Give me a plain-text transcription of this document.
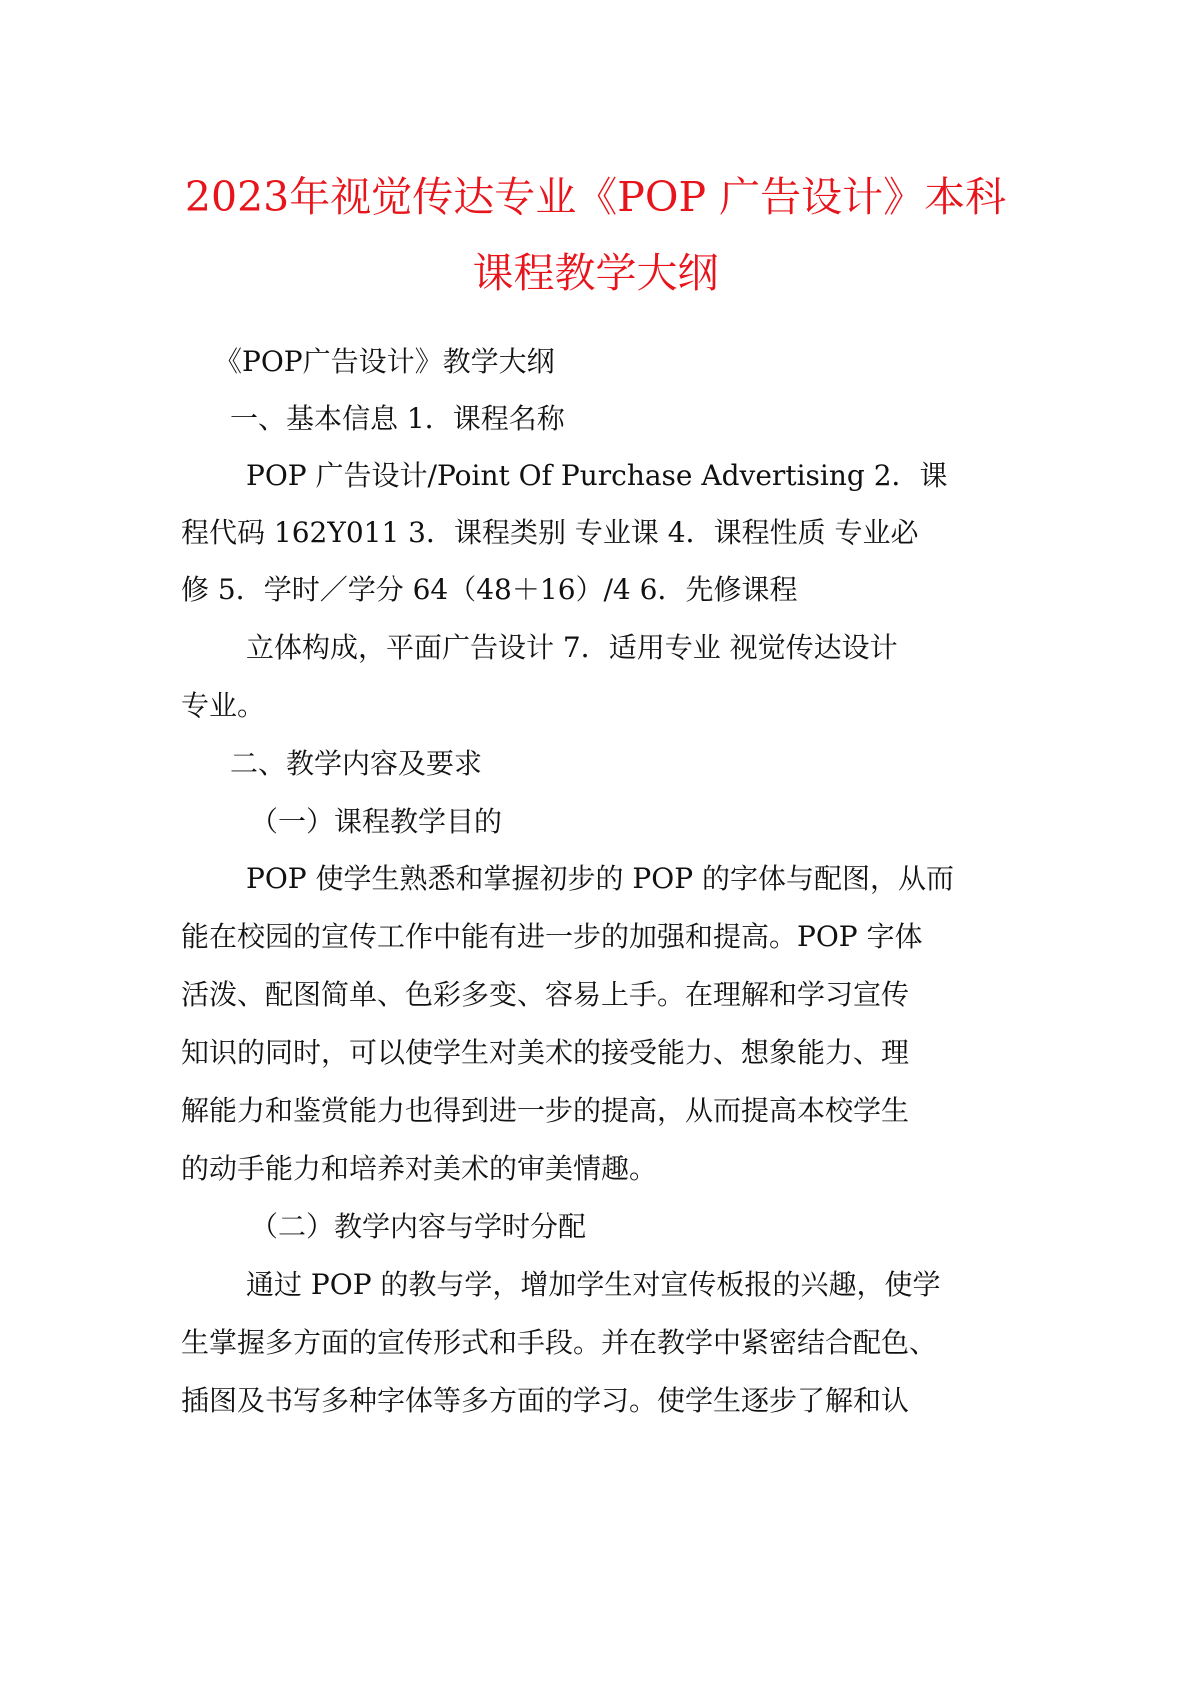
2023年视觉传达专业《POP 广告设计》本科
课程教学大纲

《POP广告设计》教学大纲

一、基本信息 1．课程名称

POP 广告设计/Point Of Purchase Advertising 2．课

程代码 162Y011 3．课程类别 专业课 4．课程性质 专业必

修 5．学时／学分 64（48＋16）/4 6．先修课程

立体构成，平面广告设计 7．适用专业 视觉传达设计

专业。

二、教学内容及要求

（一）课程教学目的

POP 使学生熟悉和掌握初步的 POP 的字体与配图，从而

能在校园的宣传工作中能有进一步的加强和提高。POP 字体

活泼、配图简单、色彩多变、容易上手。在理解和学习宣传

知识的同时，可以使学生对美术的接受能力、想象能力、理

解能力和鉴赏能力也得到进一步的提高，从而提高本校学生

的动手能力和培养对美术的审美情趣。

（二）教学内容与学时分配

通过 POP 的教与学，增加学生对宣传板报的兴趣，使学

生掌握多方面的宣传形式和手段。并在教学中紧密结合配色、

插图及书写多种字体等多方面的学习。使学生逐步了解和认
